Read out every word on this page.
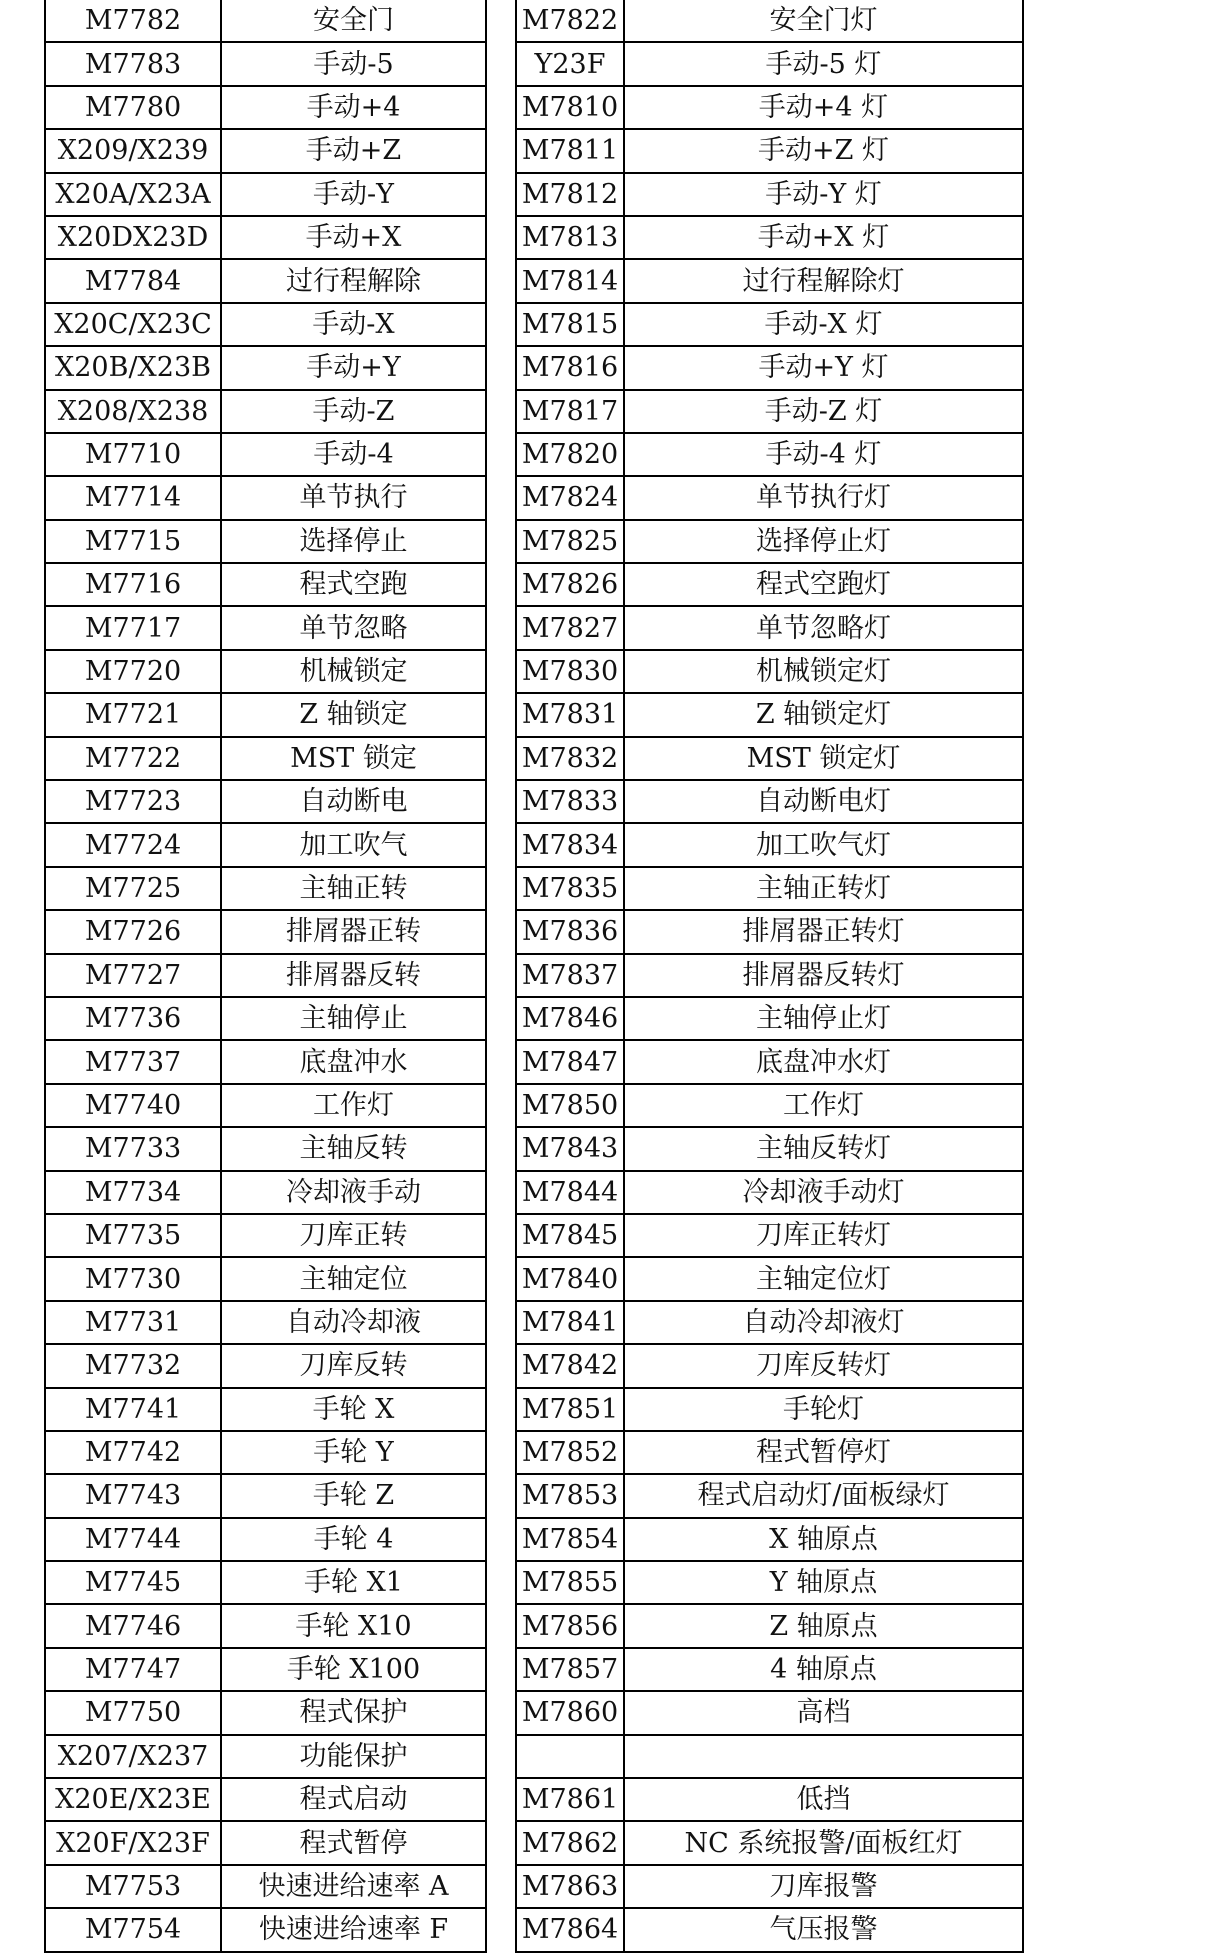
M7782	安全门		M7822	安全门灯
M7783	手动-5		Y23F	手动-5 灯
M7780	手动+4		M7810	手动+4 灯
X209/X239	手动+Z		M7811	手动+Z 灯
X20A/X23A	手动-Y		M7812	手动-Y 灯
X20DX23D	手动+X		M7813	手动+X 灯
M7784	过行程解除		M7814	过行程解除灯
X20C/X23C	手动-X		M7815	手动-X 灯
X20B/X23B	手动+Y		M7816	手动+Y 灯
X208/X238	手动-Z		M7817	手动-Z 灯
M7710	手动-4		M7820	手动-4 灯
M7714	单节执行		M7824	单节执行灯
M7715	选择停止		M7825	选择停止灯
M7716	程式空跑		M7826	程式空跑灯
M7717	单节忽略		M7827	单节忽略灯
M7720	机械锁定		M7830	机械锁定灯
M7721	Z 轴锁定		M7831	Z 轴锁定灯
M7722	MST 锁定		M7832	MST 锁定灯
M7723	自动断电		M7833	自动断电灯
M7724	加工吹气		M7834	加工吹气灯
M7725	主轴正转		M7835	主轴正转灯
M7726	排屑器正转		M7836	排屑器正转灯
M7727	排屑器反转		M7837	排屑器反转灯
M7736	主轴停止		M7846	主轴停止灯
M7737	底盘冲水		M7847	底盘冲水灯
M7740	工作灯		M7850	工作灯
M7733	主轴反转		M7843	主轴反转灯
M7734	冷却液手动		M7844	冷却液手动灯
M7735	刀库正转		M7845	刀库正转灯
M7730	主轴定位		M7840	主轴定位灯
M7731	自动冷却液		M7841	自动冷却液灯
M7732	刀库反转		M7842	刀库反转灯
M7741	手轮 X		M7851	手轮灯
M7742	手轮 Y		M7852	程式暂停灯
M7743	手轮 Z		M7853	程式启动灯/面板绿灯
M7744	手轮 4		M7854	X 轴原点
M7745	手轮 X1		M7855	Y 轴原点
M7746	手轮 X10		M7856	Z 轴原点
M7747	手轮 X100		M7857	4 轴原点
M7750	程式保护		M7860	高档
X207/X237	功能保护			
X20E/X23E	程式启动		M7861	低挡
X20F/X23F	程式暂停		M7862	NC 系统报警/面板红灯
M7753	快速进给速率 A		M7863	刀库报警
M7754	快速进给速率 F		M7864	气压报警
